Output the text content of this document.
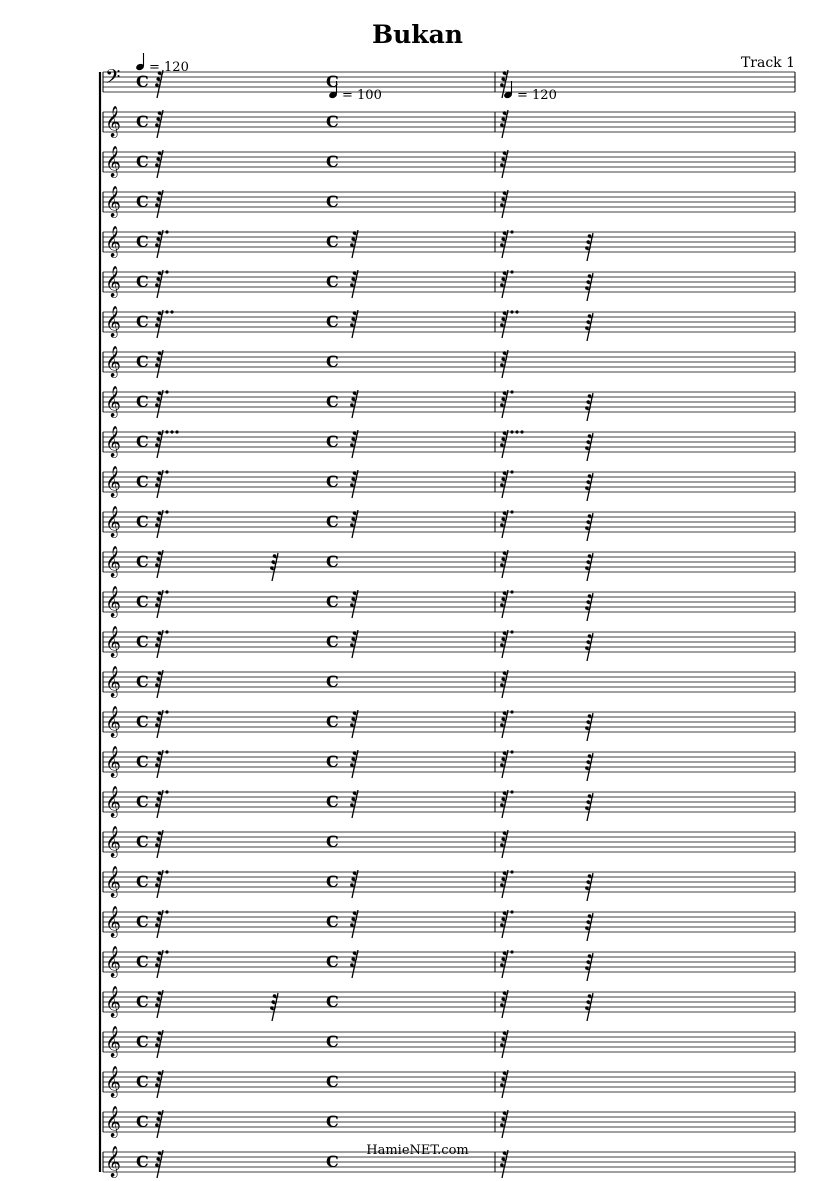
Bukan
Track 1
𝄢 C	C
𝄞 C	C
𝄞 C	C
𝄞 C	C
𝄞 C	C
𝄞 C	C
𝄞 C	C
𝄞 C	C
𝄞 C	C
𝄞 C	C
𝄞 C	C
𝄞 C	C
𝄞 C	C
𝄞 C	C
𝄞 C	C
𝄞 C	C
𝄞 C	C
𝄞 C	C
𝄞 C	C
𝄞 C	C
𝄞 C	C
𝄞 C	C
𝄞 C	C
𝄞 C	C
𝄞 C	C
𝄞 C	C
𝄞 C	C
𝄞 C	C
= 120
= 100	= 120
HamieNET.com
